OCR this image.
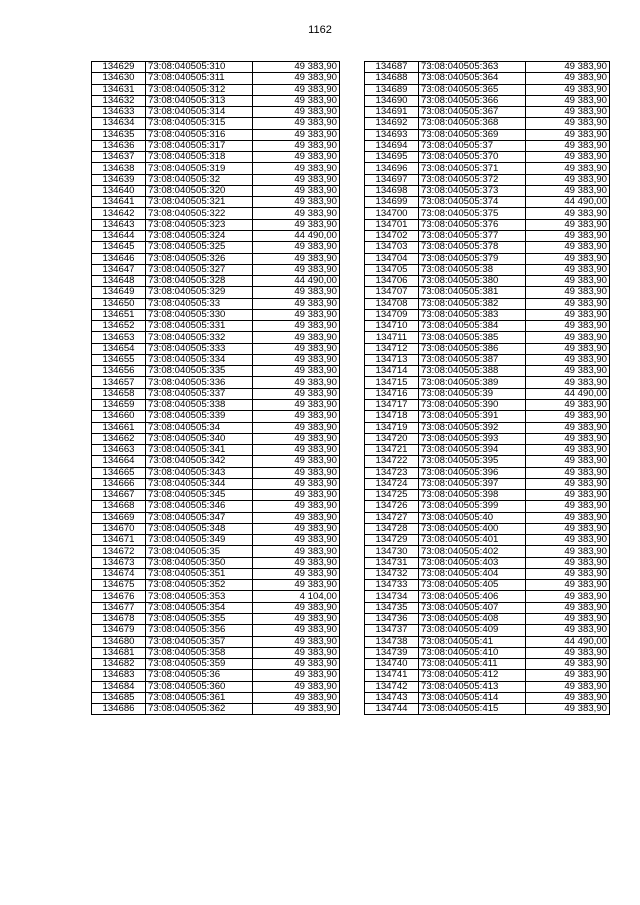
1162
134629	73:08:040505:310	49 383,90
134630	73:08:040505:311	49 383,90
134631	73:08:040505:312	49 383,90
134632	73:08:040505:313	49 383,90
134633	73:08:040505:314	49 383,90
134634	73:08:040505:315	49 383,90
134635	73:08:040505:316	49 383,90
134636	73:08:040505:317	49 383,90
134637	73:08:040505:318	49 383,90
134638	73:08:040505:319	49 383,90
134639	73:08:040505:32	49 383,90
134640	73:08:040505:320	49 383,90
134641	73:08:040505:321	49 383,90
134642	73:08:040505:322	49 383,90
134643	73:08:040505:323	49 383,90
134644	73:08:040505:324	44 490,00
134645	73:08:040505:325	49 383,90
134646	73:08:040505:326	49 383,90
134647	73:08:040505:327	49 383,90
134648	73:08:040505:328	44 490,00
134649	73:08:040505:329	49 383,90
134650	73:08:040505:33	49 383,90
134651	73:08:040505:330	49 383,90
134652	73:08:040505:331	49 383,90
134653	73:08:040505:332	49 383,90
134654	73:08:040505:333	49 383,90
134655	73:08:040505:334	49 383,90
134656	73:08:040505:335	49 383,90
134657	73:08:040505:336	49 383,90
134658	73:08:040505:337	49 383,90
134659	73:08:040505:338	49 383,90
134660	73:08:040505:339	49 383,90
134661	73:08:040505:34	49 383,90
134662	73:08:040505:340	49 383,90
134663	73:08:040505:341	49 383,90
134664	73:08:040505:342	49 383,90
134665	73:08:040505:343	49 383,90
134666	73:08:040505:344	49 383,90
134667	73:08:040505:345	49 383,90
134668	73:08:040505:346	49 383,90
134669	73:08:040505:347	49 383,90
134670	73:08:040505:348	49 383,90
134671	73:08:040505:349	49 383,90
134672	73:08:040505:35	49 383,90
134673	73:08:040505:350	49 383,90
134674	73:08:040505:351	49 383,90
134675	73:08:040505:352	49 383,90
134676	73:08:040505:353	4 104,00
134677	73:08:040505:354	49 383,90
134678	73:08:040505:355	49 383,90
134679	73:08:040505:356	49 383,90
134680	73:08:040505:357	49 383,90
134681	73:08:040505:358	49 383,90
134682	73:08:040505:359	49 383,90
134683	73:08:040505:36	49 383,90
134684	73:08:040505:360	49 383,90
134685	73:08:040505:361	49 383,90
134686	73:08:040505:362	49 383,90
134687	73:08:040505:363	49 383,90
134688	73:08:040505:364	49 383,90
134689	73:08:040505:365	49 383,90
134690	73:08:040505:366	49 383,90
134691	73:08:040505:367	49 383,90
134692	73:08:040505:368	49 383,90
134693	73:08:040505:369	49 383,90
134694	73:08:040505:37	49 383,90
134695	73:08:040505:370	49 383,90
134696	73:08:040505:371	49 383,90
134697	73:08:040505:372	49 383,90
134698	73:08:040505:373	49 383,90
134699	73:08:040505:374	44 490,00
134700	73:08:040505:375	49 383,90
134701	73:08:040505:376	49 383,90
134702	73:08:040505:377	49 383,90
134703	73:08:040505:378	49 383,90
134704	73:08:040505:379	49 383,90
134705	73:08:040505:38	49 383,90
134706	73:08:040505:380	49 383,90
134707	73:08:040505:381	49 383,90
134708	73:08:040505:382	49 383,90
134709	73:08:040505:383	49 383,90
134710	73:08:040505:384	49 383,90
134711	73:08:040505:385	49 383,90
134712	73:08:040505:386	49 383,90
134713	73:08:040505:387	49 383,90
134714	73:08:040505:388	49 383,90
134715	73:08:040505:389	49 383,90
134716	73:08:040505:39	44 490,00
134717	73:08:040505:390	49 383,90
134718	73:08:040505:391	49 383,90
134719	73:08:040505:392	49 383,90
134720	73:08:040505:393	49 383,90
134721	73:08:040505:394	49 383,90
134722	73:08:040505:395	49 383,90
134723	73:08:040505:396	49 383,90
134724	73:08:040505:397	49 383,90
134725	73:08:040505:398	49 383,90
134726	73:08:040505:399	49 383,90
134727	73:08:040505:40	49 383,90
134728	73:08:040505:400	49 383,90
134729	73:08:040505:401	49 383,90
134730	73:08:040505:402	49 383,90
134731	73:08:040505:403	49 383,90
134732	73:08:040505:404	49 383,90
134733	73:08:040505:405	49 383,90
134734	73:08:040505:406	49 383,90
134735	73:08:040505:407	49 383,90
134736	73:08:040505:408	49 383,90
134737	73:08:040505:409	49 383,90
134738	73:08:040505:41	44 490,00
134739	73:08:040505:410	49 383,90
134740	73:08:040505:411	49 383,90
134741	73:08:040505:412	49 383,90
134742	73:08:040505:413	49 383,90
134743	73:08:040505:414	49 383,90
134744	73:08:040505:415	49 383,90
